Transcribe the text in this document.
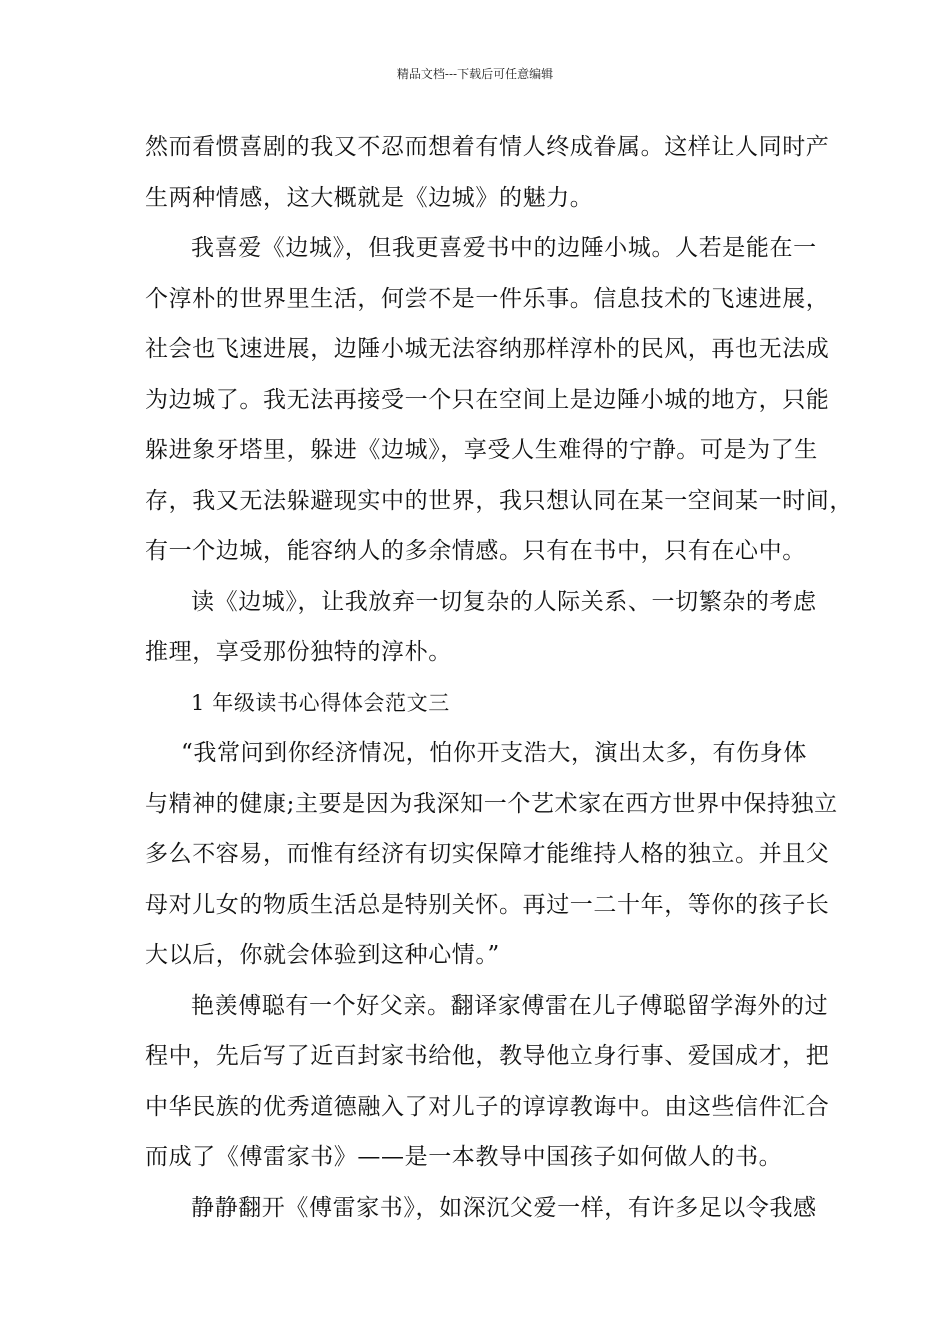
精品文档---下载后可任意编辑
然而看惯喜剧的我又不忍而想着有情人终成眷属。这样让人同时产
生两种情感，这大概就是《边城》的魅力。
我喜爱《边城》，但我更喜爱书中的边陲小城。人若是能在一
个淳朴的世界里生活，何尝不是一件乐事。信息技术的飞速进展，
社会也飞速进展，边陲小城无法容纳那样淳朴的民风，再也无法成
为边城了。我无法再接受一个只在空间上是边陲小城的地方，只能
躲进象牙塔里，躲进《边城》，享受人生难得的宁静。可是为了生
存，我又无法躲避现实中的世界，我只想认同在某一空间某一时间，
有一个边城，能容纳人的多余情感。只有在书中，只有在心中。
读《边城》，让我放弃一切复杂的人际关系、一切繁杂的考虑
推理，享受那份独特的淳朴。
1 年级读书心得体会范文三
“我常问到你经济情况，怕你开支浩大，演出太多，有伤身体
与精神的健康;主要是因为我深知一个艺术家在西方世界中保持独立
多么不容易，而惟有经济有切实保障才能维持人格的独立。并且父
母对儿女的物质生活总是特别关怀。再过一二十年，等你的孩子长
大以后，你就会体验到这种心情。”
艳羡傅聪有一个好父亲。翻译家傅雷在儿子傅聪留学海外的过
程中，先后写了近百封家书给他，教导他立身行事、爱国成才，把
中华民族的优秀道德融入了对儿子的谆谆教诲中。由这些信件汇合
而成了《傅雷家书》——是一本教导中国孩子如何做人的书。
静静翻开《傅雷家书》，如深沉父爱一样，有许多足以令我感
